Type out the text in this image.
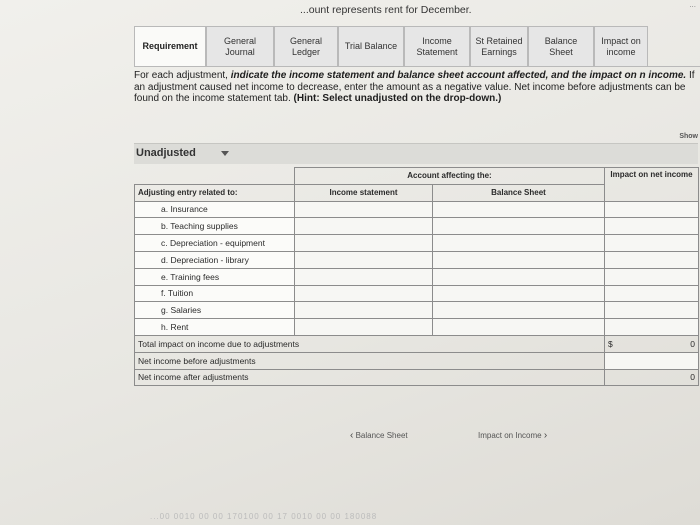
...ount represents rent for December.	...
Requirement
General Journal
General Ledger
Trial Balance
Income Statement
St Retained Earnings
Balance Sheet
Impact on income
For each adjustment, indicate the income statement and balance sheet account affected, and the impact on n income. If an adjustment caused net income to decrease, enter the amount as a negative value. Net income before adjustments can be found on the income statement tab. (Hint: Select unadjusted on the drop-down.)
Show
Unadjusted
	Account affecting the:		Impact on net income	
Adjusting entry related to:	Income statement	Balance Sheet		
a. Insurance				
b. Teaching supplies				
c. Depreciation - equipment				
d. Depreciation - library				
e. Training fees				
f. Tuition				
g. Salaries				
h. Rent				
Total impact on income due to adjustments			$	0
Net income before adjustments				
Net income after adjustments				0
‹ Balance Sheet	Impact on Income ›
...00 0010 00 00 170100 00 17 0010 00 00 180088
